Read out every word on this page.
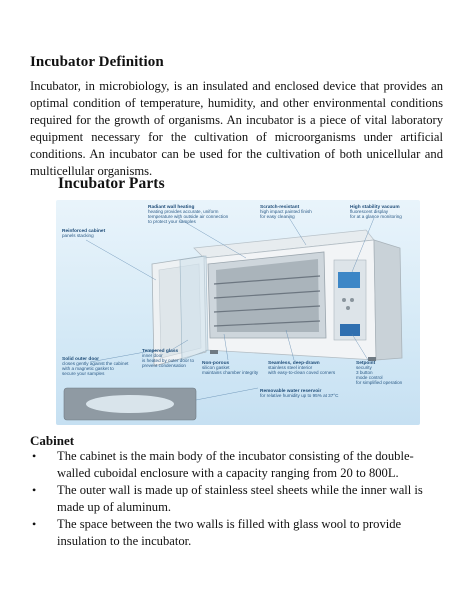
Incubator Definition

Incubator, in microbiology, is an insulated and enclosed device that provides an optimal condition of temperature, humidity, and other environmental conditions required for the growth of organisms. An incubator is a piece of vital laboratory equipment necessary for the cultivation of microorganisms under artificial conditions. An incubator can be used for the cultivation of both unicellular and multicellular organisms.

Incubator Parts
Radiant wall heating
heating provides accurate, uniform
temperature with outside air connection
to protect your samples
Scratch-resistant
high impact painted finish
for easy cleaning
High stability vacuum
fluorescent display
for at a glance monitoring
Reinforced cabinet
panels stacking
Solid outer door
closes gently against the cabinet
with a magnetic gasket to
secure your samples
Tempered glass
inner door
is heated by outer door to
prevent condensation	Non-porous
silicon gasket
maintains chamber integrity
Seamless, deep-drawn
stainless steel interior
with easy-to-clean coved corners
Setpoint
security
3 button
mode control
for simplified operation
Removable water reservoir
for relative humidity up to 95% at 37°C
Cabinet
• The cabinet is the main body of the incubator consisting of the double-walled cuboidal enclosure with a capacity ranging from 20 to 800L.
• The outer wall is made up of stainless steel sheets while the inner wall is made up of aluminum.
• The space between the two walls is filled with glass wool to provide insulation to the incubator.
